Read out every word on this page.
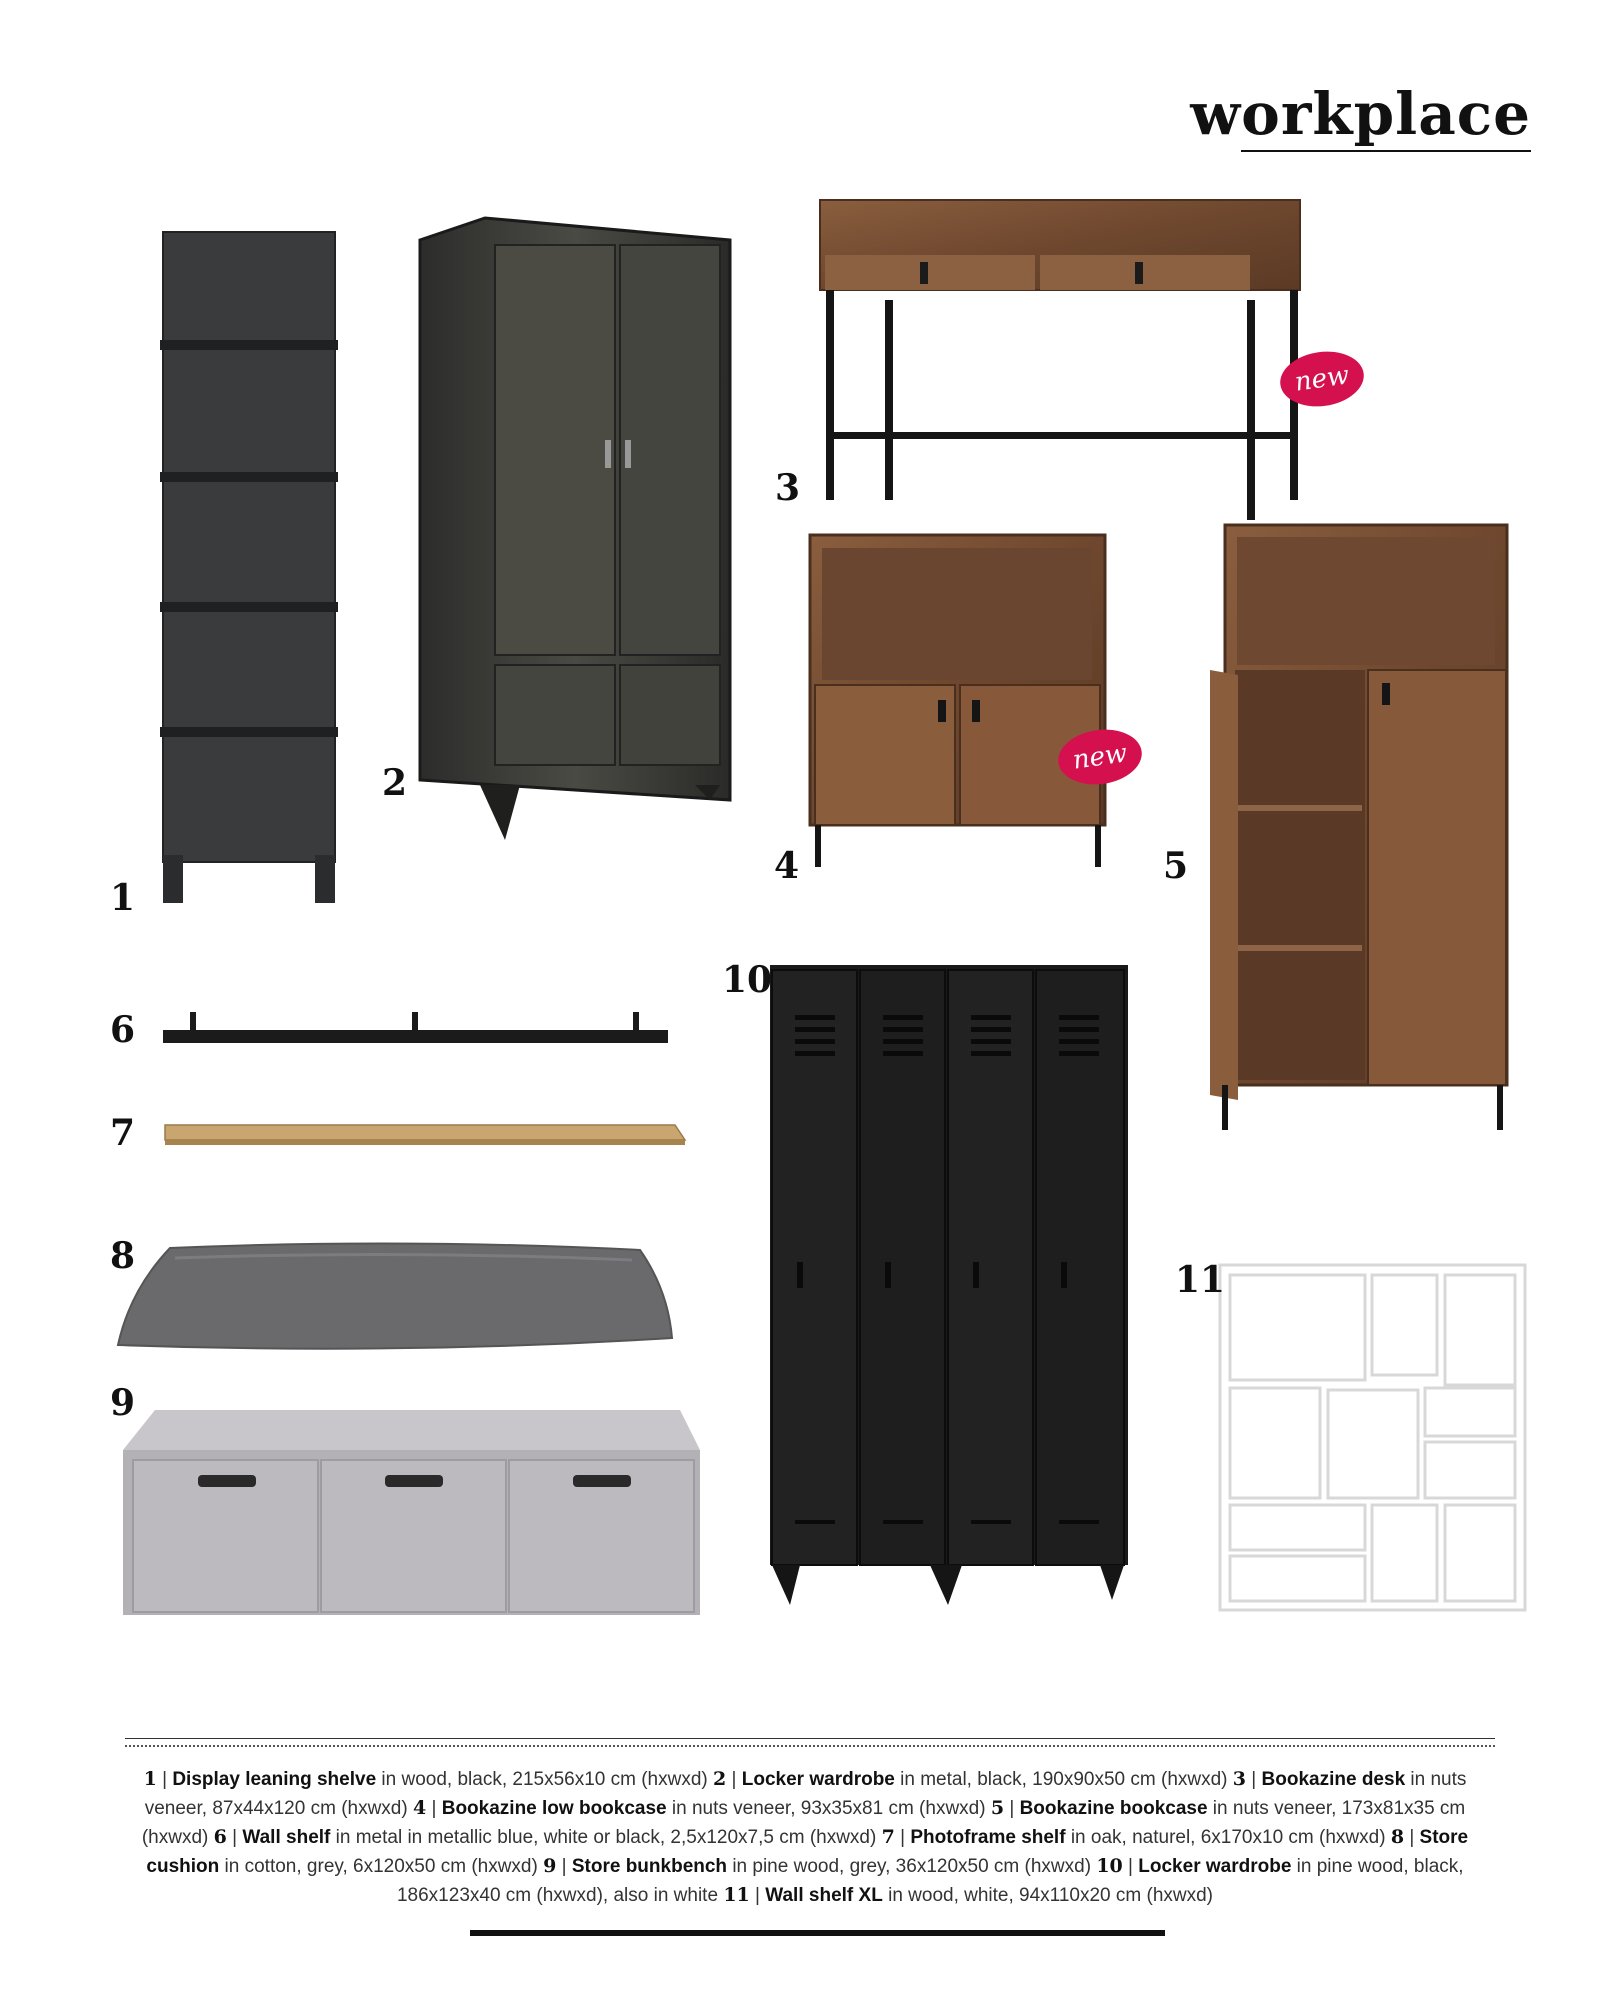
workplace
new
new
1
2
3
4	5
6
7
8
9
10
11
1 | Display leaning shelve in wood, black, 215x56x10 cm (hxwxd) 2 | Locker wardrobe in metal, black, 190x90x50 cm (hxwxd) 3 | Bookazine desk in nuts veneer, 87x44x120 cm (hxwxd) 4 | Bookazine low bookcase in nuts veneer, 93x35x81 cm (hxwxd) 5 | Bookazine bookcase in nuts veneer, 173x81x35 cm (hxwxd) 6 | Wall shelf in metal in metallic blue, white or black, 2,5x120x7,5 cm (hxwxd) 7 | Photoframe shelf in oak, naturel, 6x170x10 cm (hxwxd) 8 | Store cushion in cotton, grey, 6x120x50 cm (hxwxd) 9 | Store bunkbench in pine wood, grey, 36x120x50 cm (hxwxd) 10 | Locker wardrobe in pine wood, black, 186x123x40 cm (hxwxd), also in white 11 | Wall shelf XL in wood, white, 94x110x20 cm (hxwxd)
